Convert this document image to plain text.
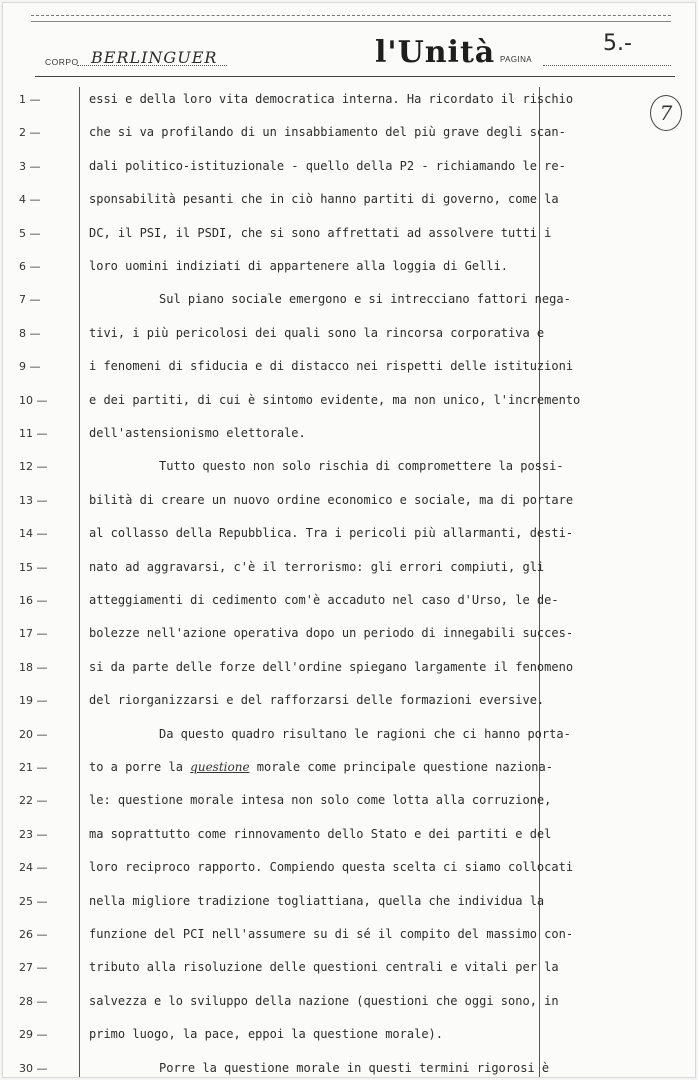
CORPO BERLINGUER	l'Unità PAGINA
5.-
7
1 —	essi e della loro vita democratica interna. Ha ricordato il rischio
2 —	che si va profilando di un insabbiamento del più grave degli scan-
3 —	dali politico-istituzionale - quello della P2 - richiamando le re-
4 —	sponsabilità pesanti che in ciò hanno partiti di governo, come la
5 —	DC, il PSI, il PSDI, che si sono affrettati ad assolvere tutti i
6 —	loro uomini indiziati di appartenere alla loggia di Gelli.
7 —	Sul piano sociale emergono e si intrecciano fattori nega-
8 —	tivi, i più pericolosi dei quali sono la rincorsa corporativa e
9 —	i fenomeni di sfiducia e di distacco nei rispetti delle istituzioni
10 —	e dei partiti, di cui è sintomo evidente, ma non unico, l'incremento
11 —	dell'astensionismo elettorale.
12 —	Tutto questo non solo rischia di compromettere la possi-
13 —	bilità di creare un nuovo ordine economico e sociale, ma di portare
14 —	al collasso della Repubblica. Tra i pericoli più allarmanti, desti-
15 —	nato ad aggravarsi, c'è il terrorismo: gli errori compiuti, gli
16 —	atteggiamenti di cedimento com'è accaduto nel caso d'Urso, le de-
17 —	bolezze nell'azione operativa dopo un periodo di innegabili succes-
18 —	si da parte delle forze dell'ordine spiegano largamente il fenomeno
19 —	del riorganizzarsi e del rafforzarsi delle formazioni eversive.
20 —	Da questo quadro risultano le ragioni che ci hanno porta-
21 —	to a porre la questione morale come principale questione naziona-
22 —	le: questione morale intesa non solo come lotta alla corruzione,
23 —	ma soprattutto come rinnovamento dello Stato e dei partiti e del
24 —	loro reciproco rapporto. Compiendo questa scelta ci siamo collocati
25 —	nella migliore tradizione togliattiana, quella che individua la
26 —	funzione del PCI nell'assumere su di sé il compito del massimo con-
27 —	tributo alla risoluzione delle questioni centrali e vitali per la
28 —	salvezza e lo sviluppo della nazione (questioni che oggi sono, in
29 —	primo luogo, la pace, eppoi la questione morale).
30 —	Porre la questione morale in questi termini rigorosi è
